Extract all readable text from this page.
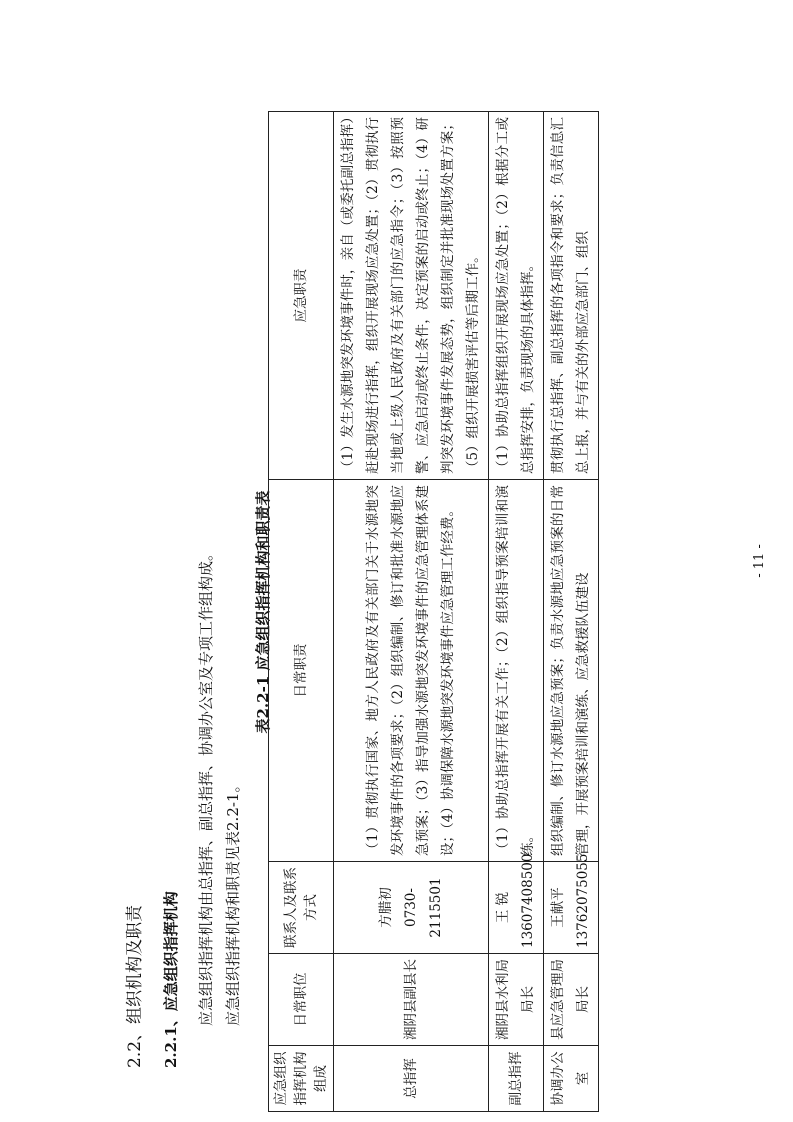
2.2、组织机构及职责 2.2.1、应急组织指挥机构 应急组织指挥机构由总指挥、副总指挥、协调办公室及专项工作组构成。 应急组织指挥机构和职责见表2.2-1。
表2.2-1 应急组织指挥机构和职责表
应急组织指挥机构组成	日常职位	联系人及联系方式	日常职责	应急职责
总指挥	湘阴县副县长	方腊初 0730-2115501	（1）贯彻执行国家、地方人民政府及有关部门关于水源地突发环境事件的各项要求；（2）组织编制、修订和批准水源地应急预案；（3）指导加强水源地突发环境事件的应急管理体系建设；（4）协调保障水源地突发环境事件应急管理工作经费。	（1）发生水源地突发环境事件时，亲自（或委托副总指挥）赶赴现场进行指挥，组织开展现场应急处置；（2）贯彻执行当地或上级人民政府及有关部门的应急指令；（3）按照预警、应急启动或终止条件，决定预案的启动或终止；（4）研判突发环境事件发展态势，组织制定并批准现场处置方案；（5）组织开展损害评估等后期工作。
副总指挥	湘阴县水利局局长	王 锐 13607408500	（1）协助总指挥开展有关工作；（2）组织指导预案培训和演练。	（1）协助总指挥组织开展现场应急处置；（2）根据分工或总指挥安排，负责现场的具体指挥。
协调办公室	县应急管理局局长	王献平 13762075055	组织编制、修订水源地应急预案；负责水源地应急预案的日常管理，开展预案培训和演练、应急救援队伍建设	贯彻执行总指挥、副总指挥的各项指令和要求；负责信息汇总上报，并与有关的外部应急部门、组织
- 11 -
